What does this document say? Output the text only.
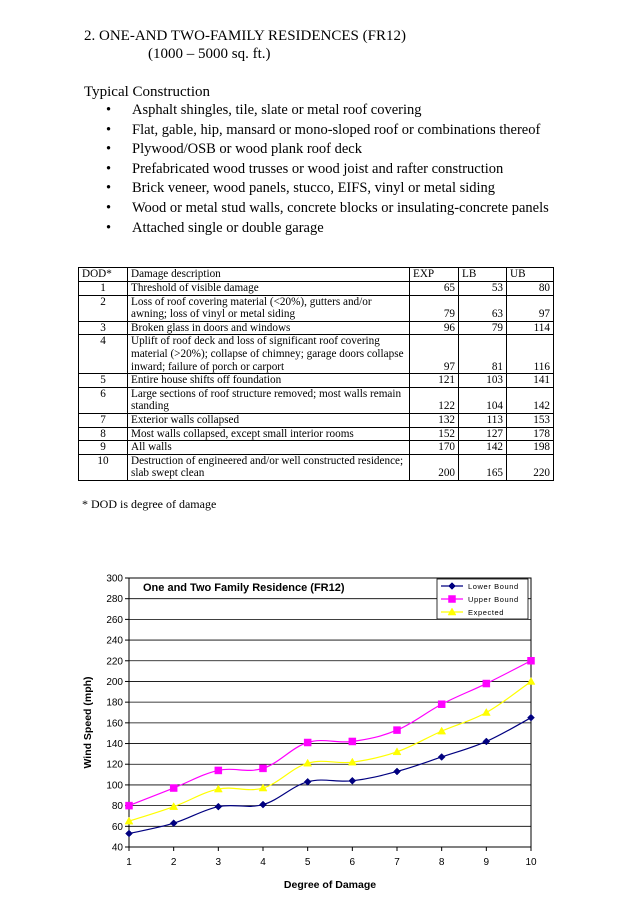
2. ONE-AND TWO-FAMILY RESIDENCES (FR12)
(1000 – 5000 sq. ft.)
Typical Construction
• Asphalt shingles, tile, slate or metal roof covering
• Flat, gable, hip, mansard or mono-sloped roof or combinations thereof
• Plywood/OSB or wood plank roof deck
• Prefabricated wood trusses or wood joist and rafter construction
• Brick veneer, wood panels, stucco, EIFS, vinyl or metal siding
• Wood or metal stud walls, concrete blocks or insulating-concrete panels
• Attached single or double garage
DOD*	Damage description	EXP	LB	UB
1	Threshold of visible damage	65	53	80
2	Loss of roof covering material (<20%), gutters and/or awning; loss of vinyl or metal siding	79	63	97
3	Broken glass in doors and windows	96	79	114
4	Uplift of roof deck and loss of significant roof covering material (>20%); collapse of chimney; garage doors collapse inward; failure of porch or carport	97	81	116
5	Entire house shifts off foundation	121	103	141
6	Large sections of roof structure removed; most walls remain standing	122	104	142
7	Exterior walls collapsed	132	113	153
8	Most walls collapsed, except small interior rooms	152	127	178
9	All walls	170	142	198
10	Destruction of engineered and/or well constructed residence; slab swept clean	200	165	220
* DOD is degree of damage
40
60
80
100
120
140
160
180
200
220
240
260
280
300
1	2	3	4	5	6	7	8	9	10
One and Two Family Residence (FR12)
Degree of Damage
Wind Speed (mph)
Lower Bound
Upper Bound
Expected
